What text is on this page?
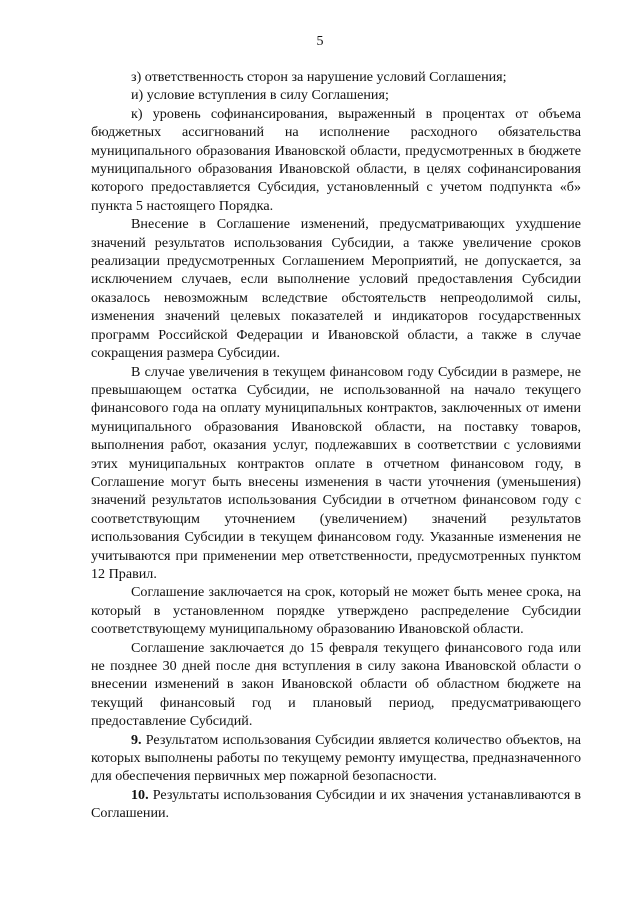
5

з) ответственность сторон за нарушение условий Соглашения;

и) условие вступления в силу Соглашения;

к) уровень софинансирования, выраженный в процентах от объема бюджетных ассигнований на исполнение расходного обязательства муниципального образования Ивановской области, предусмотренных в бюджете муниципального образования Ивановской области, в целях софинансирования которого предоставляется Субсидия, установленный с учетом подпункта «б» пункта 5 настоящего Порядка.

Внесение в Соглашение изменений, предусматривающих ухудшение значений результатов использования Субсидии, а также увеличение сроков реализации предусмотренных Соглашением Мероприятий, не допускается, за исключением случаев, если выполнение условий предоставления Субсидии оказалось невозможным вследствие обстоятельств непреодолимой силы, изменения значений целевых показателей и индикаторов государственных программ Российской Федерации и Ивановской области, а также в случае сокращения размера Субсидии.

В случае увеличения в текущем финансовом году Субсидии в размере, не превышающем остатка Субсидии, не использованной на начало текущего финансового года на оплату муниципальных контрактов, заключенных от имени муниципального образования Ивановской области, на поставку товаров, выполнения работ, оказания услуг, подлежавших в соответствии с условиями этих муниципальных контрактов оплате в отчетном финансовом году, в Соглашение могут быть внесены изменения в части уточнения (уменьшения) значений результатов использования Субсидии в отчетном финансовом году с соответствующим уточнением (увеличением) значений результатов использования Субсидии в текущем финансовом году. Указанные изменения не учитываются при применении мер ответственности, предусмотренных пунктом 12 Правил.

Соглашение заключается на срок, который не может быть менее срока, на который в установленном порядке утверждено распределение Субсидии соответствующему муниципальному образованию Ивановской области.

Соглашение заключается до 15 февраля текущего финансового года или не позднее 30 дней после дня вступления в силу закона Ивановской области о внесении изменений в закон Ивановской области об областном бюджете на текущий финансовый год и плановый период, предусматривающего предоставление Субсидий.

9. Результатом использования Субсидии является количество объектов, на которых выполнены работы по текущему ремонту имущества, предназначенного для обеспечения первичных мер пожарной безопасности.

10. Результаты использования Субсидии и их значения устанавливаются в Соглашении.
